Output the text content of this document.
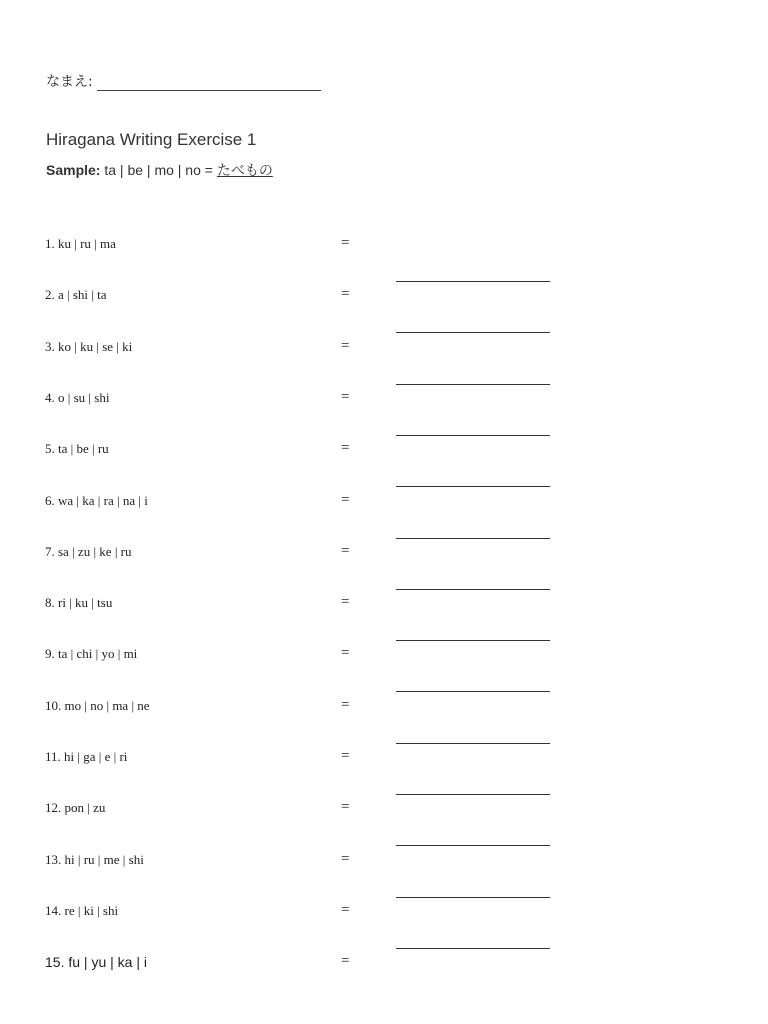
なまえ:
Hiragana Writing Exercise 1
Sample: ta | be | mo | no = たべもの
1. ku | ru | ma	=
2. a | shi | ta	=
3. ko | ku | se | ki	=
4. o | su | shi	=
5. ta | be | ru	=
6. wa | ka | ra | na | i	=
7. sa | zu | ke | ru	=
8. ri | ku | tsu	=
9. ta | chi | yo | mi	=
10. mo | no | ma | ne	=
11. hi | ga | e | ri	=
12. pon | zu	=
13. hi | ru | me | shi	=
14. re | ki | shi	=
15. fu | yu | ka | i	=
